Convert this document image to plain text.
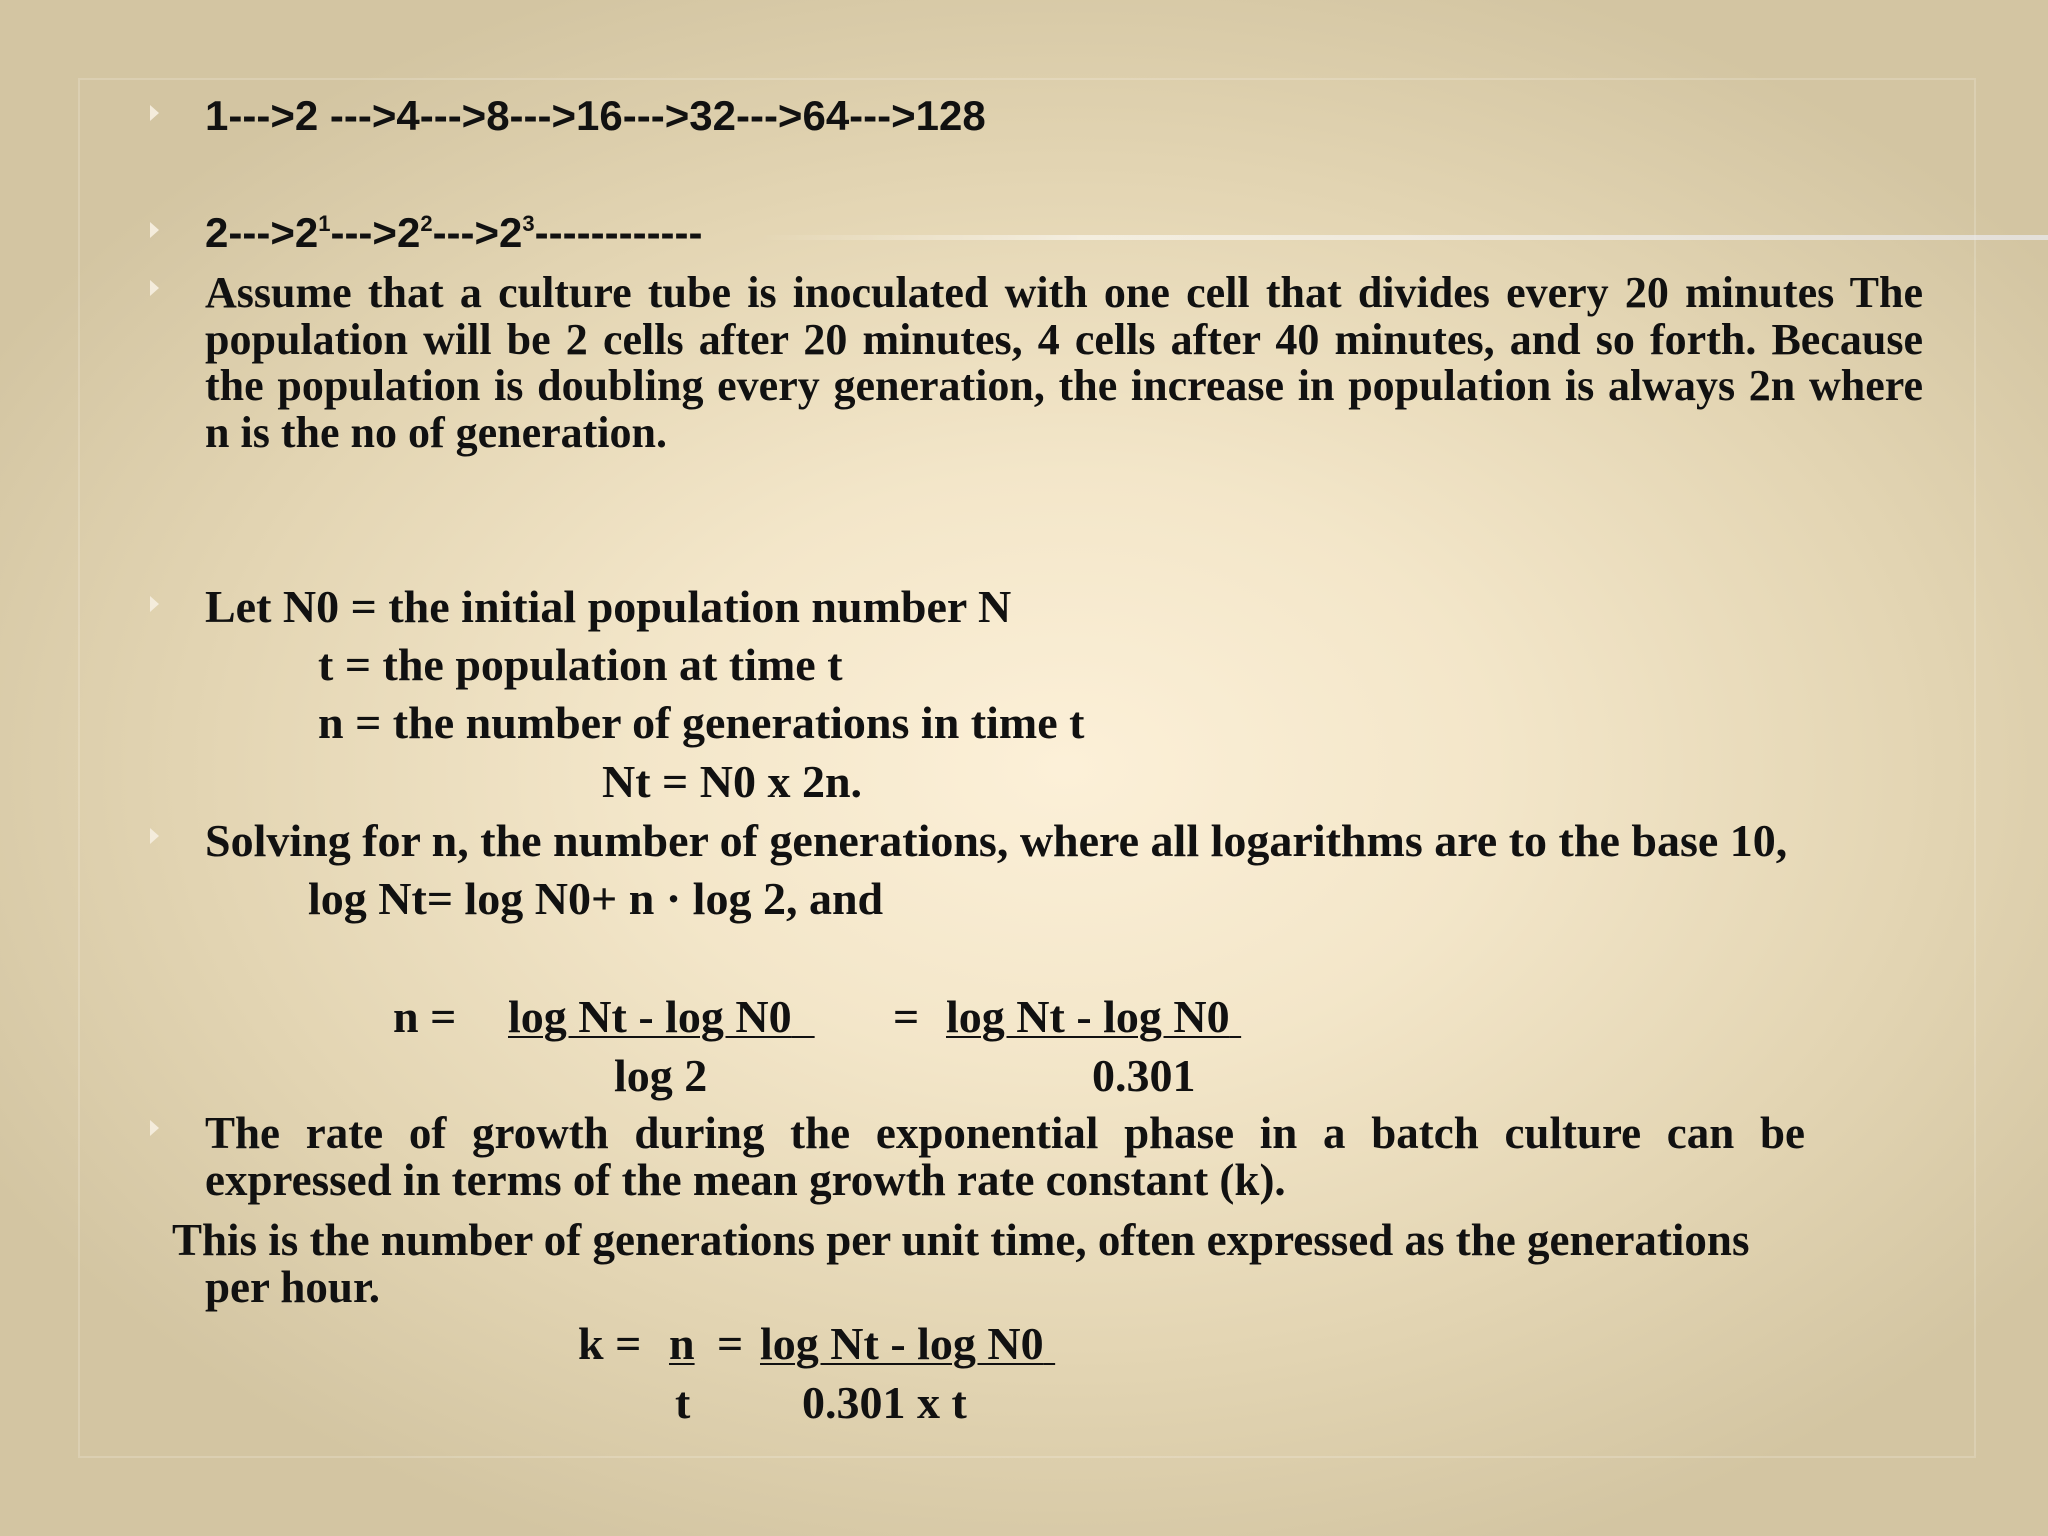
1--->2 --->4--->8--->16--->32--->64--->128
$2--->2^1--->2^2--->2^3------------$
Assume that a culture tube is inoculated with one cell that divides every 20 minutes The population will be 2 cells after 20 minutes, 4 cells after 40 minutes, and so forth. Because the population is doubling every generation, the increase in population is always 2n where n is the no of generation.
Let N0 = the initial population number N
t = the population at time t
n = the number of generations in time t
Nt = N0 x 2n.
Solving for n, the number of generations, where all logarithms are to the base 10,
log Nt= log N0+ n · log 2, and
n = log Nt - log N0	= log Nt - log N0
log 2	0.301
The rate of growth during the exponential phase in a batch culture can be expressed in terms of the mean growth rate constant (k).
This is the number of generations per unit time, often expressed as the generations
per hour.
k = n = log Nt - log N0
t 0.301 x t
